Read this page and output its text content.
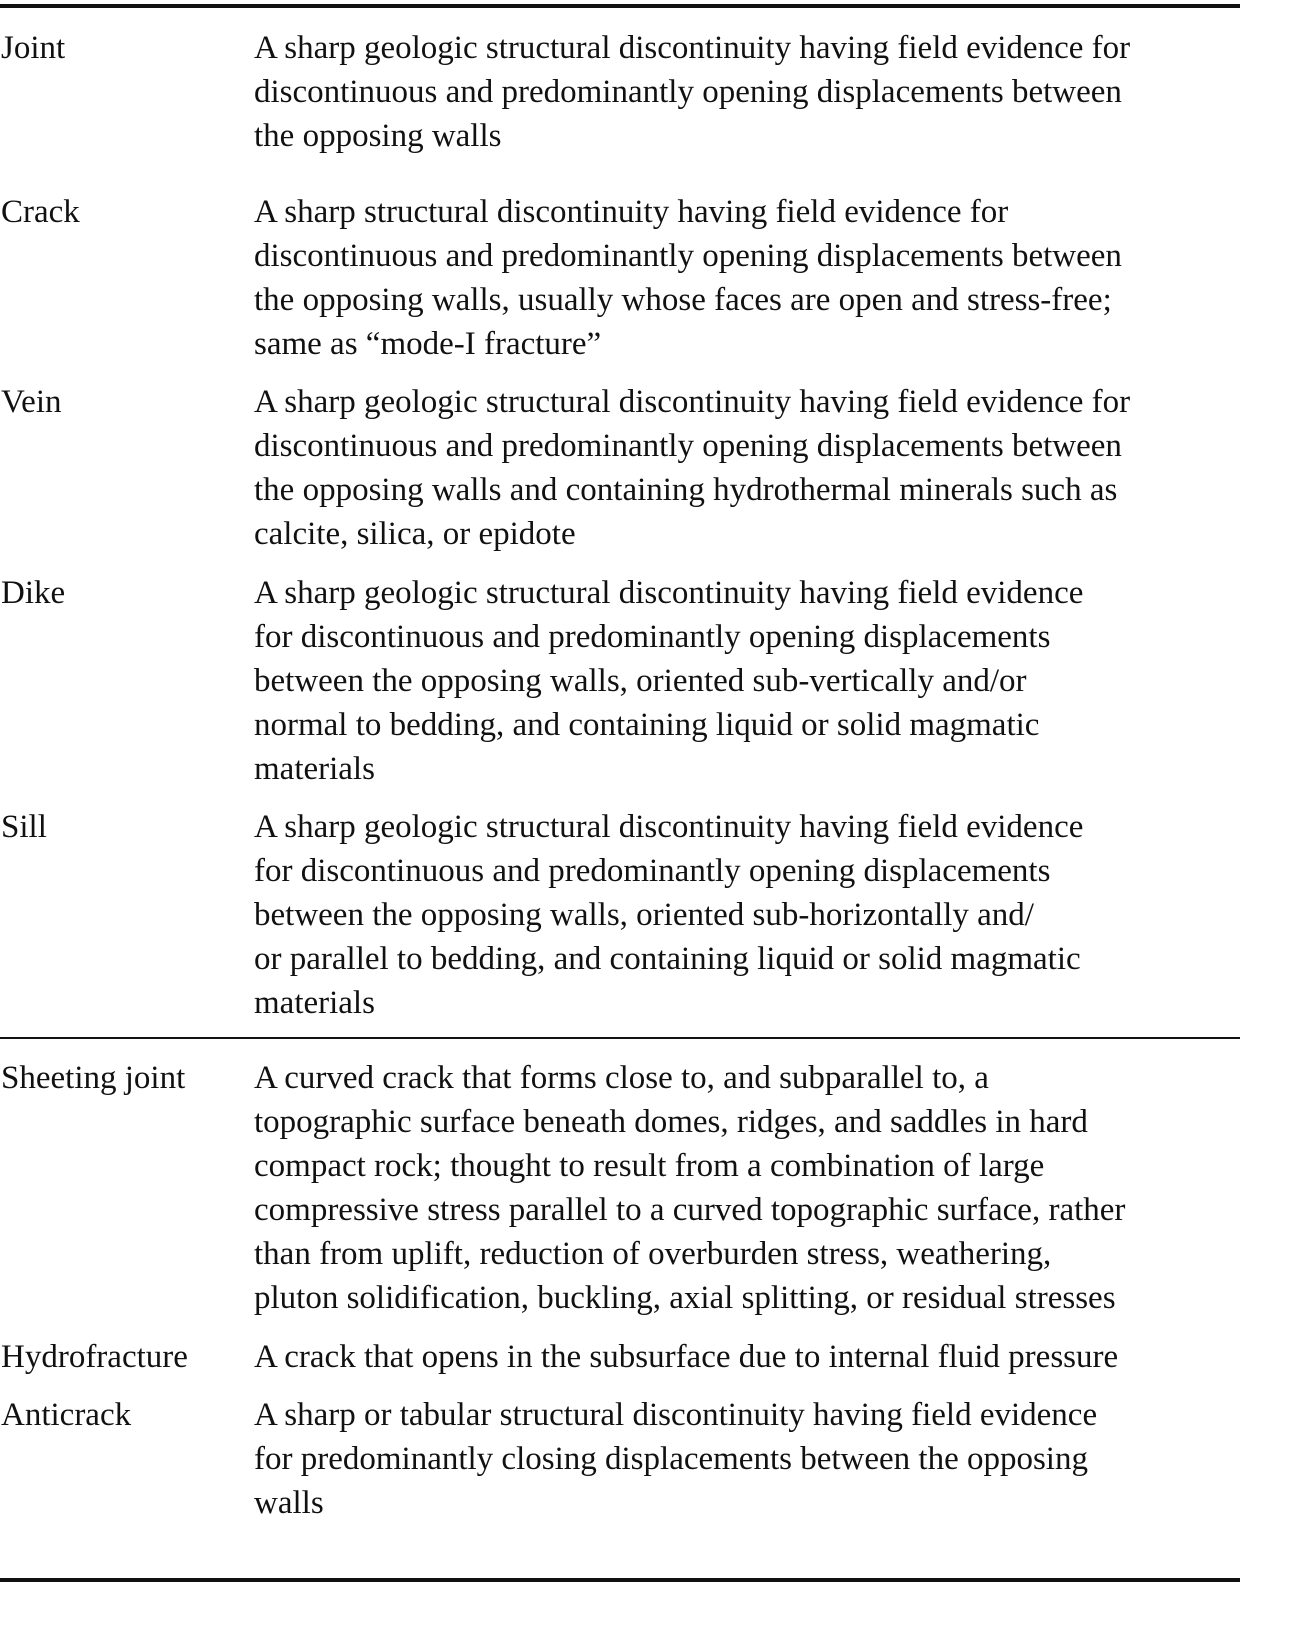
Joint	A sharp geologic structural discontinuity having field evidence for
discontinuous and predominantly opening displacements between
the opposing walls
Crack	A sharp structural discontinuity having field evidence for
discontinuous and predominantly opening displacements between
the opposing walls, usually whose faces are open and stress-free;
same as “mode-I fracture”
Vein	A sharp geologic structural discontinuity having field evidence for
discontinuous and predominantly opening displacements between
the opposing walls and containing hydrothermal minerals such as
calcite, silica, or epidote
Dike	A sharp geologic structural discontinuity having field evidence
for discontinuous and predominantly opening displacements
between the opposing walls, oriented sub-vertically and/or
normal to bedding, and containing liquid or solid magmatic
materials
Sill	A sharp geologic structural discontinuity having field evidence
for discontinuous and predominantly opening displacements
between the opposing walls, oriented sub-horizontally and/
or parallel to bedding, and containing liquid or solid magmatic
materials
Sheeting joint	A curved crack that forms close to, and subparallel to, a
topographic surface beneath domes, ridges, and saddles in hard
compact rock; thought to result from a combination of large
compressive stress parallel to a curved topographic surface, rather
than from uplift, reduction of overburden stress, weathering,
pluton solidification, buckling, axial splitting, or residual stresses
Hydrofracture	A crack that opens in the subsurface due to internal fluid pressure
Anticrack	A sharp or tabular structural discontinuity having field evidence
for predominantly closing displacements between the opposing
walls
